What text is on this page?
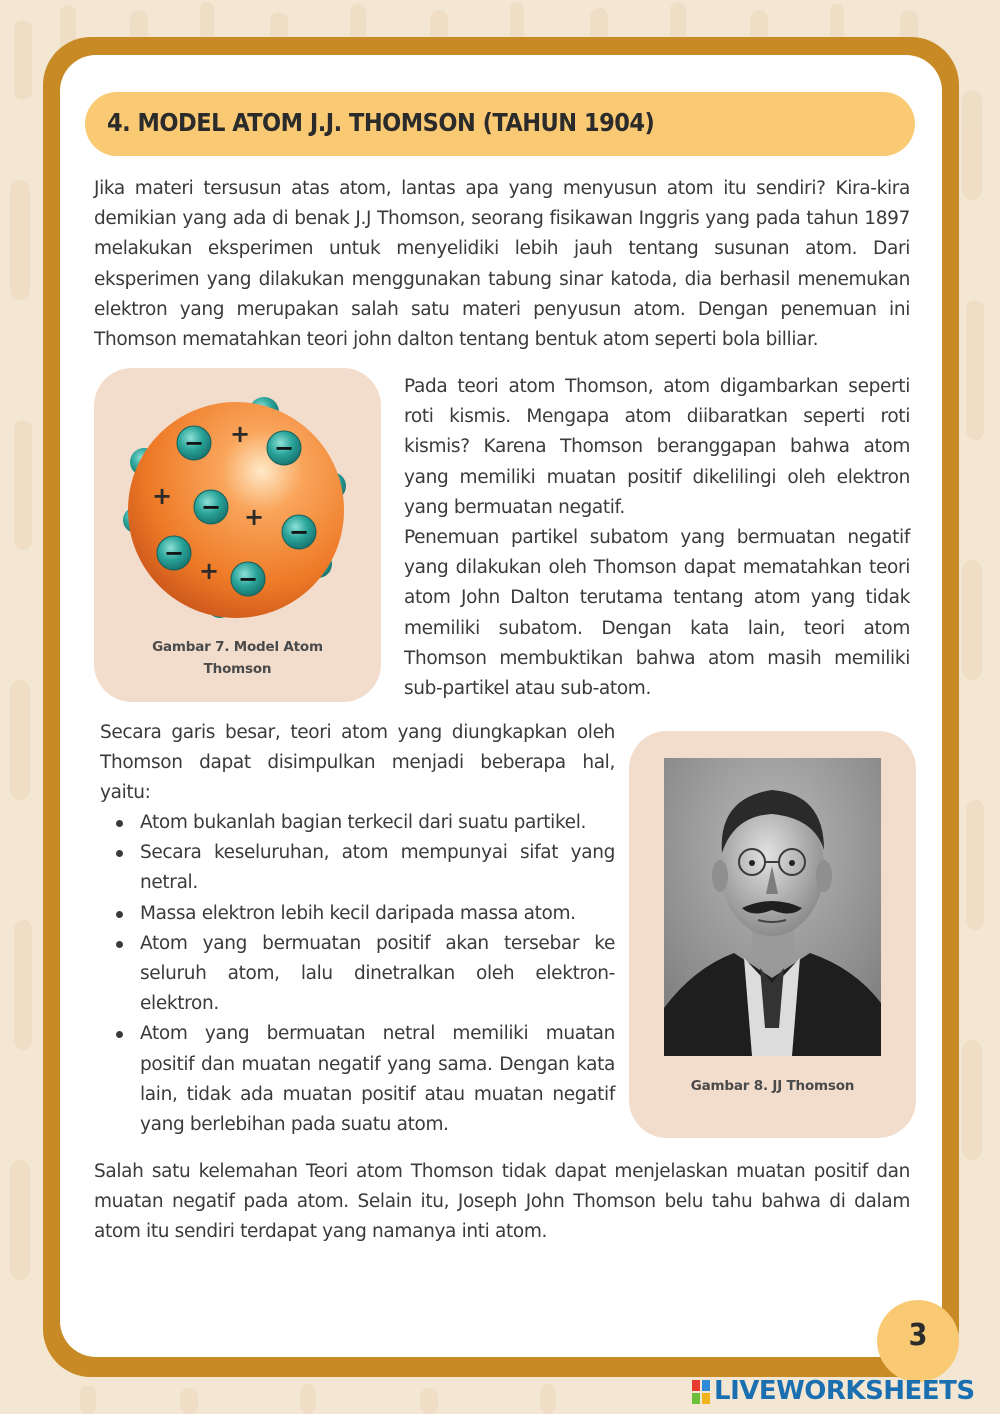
4. MODEL ATOM J.J. THOMSON (TAHUN 1904)

Jika materi tersusun atas atom, lantas apa yang menyusun atom itu sendiri? Kira-kira demikian yang ada di benak J.J Thomson, seorang fisikawan Inggris yang pada tahun 1897 melakukan eksperimen untuk menyelidiki lebih jauh tentang susunan atom. Dari eksperimen yang dilakukan menggunakan tabung sinar katoda, dia berhasil menemukan elektron yang merupakan salah satu materi penyusun atom. Dengan penemuan ini Thomson mematahkan teori john dalton tentang bentuk atom seperti bola billiar.

+
+
+
+
−	−
−
−
−
−
Gambar 7. Model Atom Thomson

Pada teori atom Thomson, atom digambarkan seperti roti kismis. Mengapa atom diibaratkan seperti roti kismis? Karena Thomson beranggapan bahwa atom yang memiliki muatan positif dikelilingi oleh elektron yang bermuatan negatif.

Penemuan partikel subatom yang bermuatan negatif yang dilakukan oleh Thomson dapat mematahkan teori atom John Dalton terutama tentang atom yang tidak memiliki subatom. Dengan kata lain, teori atom Thomson membuktikan bahwa atom masih memiliki sub-partikel atau sub-atom.

Secara garis besar, teori atom yang diungkapkan oleh Thomson dapat disimpulkan menjadi beberapa hal, yaitu:

Atom bukanlah bagian terkecil dari suatu partikel.
Secara keseluruhan, atom mempunyai sifat yang netral.
Massa elektron lebih kecil daripada massa atom.
Atom yang bermuatan positif akan tersebar ke seluruh atom, lalu dinetralkan oleh elektron-elektron.
Atom yang bermuatan netral memiliki muatan positif dan muatan negatif yang sama. Dengan kata lain, tidak ada muatan positif atau muatan negatif yang berlebihan pada suatu atom.
Gambar 8. JJ Thomson

Salah satu kelemahan Teori atom Thomson tidak dapat menjelaskan muatan positif dan muatan negatif pada atom. Selain itu, Joseph John Thomson belu tahu bahwa di dalam atom itu sendiri terdapat yang namanya inti atom.

3
LIVEWORKSHEETS
